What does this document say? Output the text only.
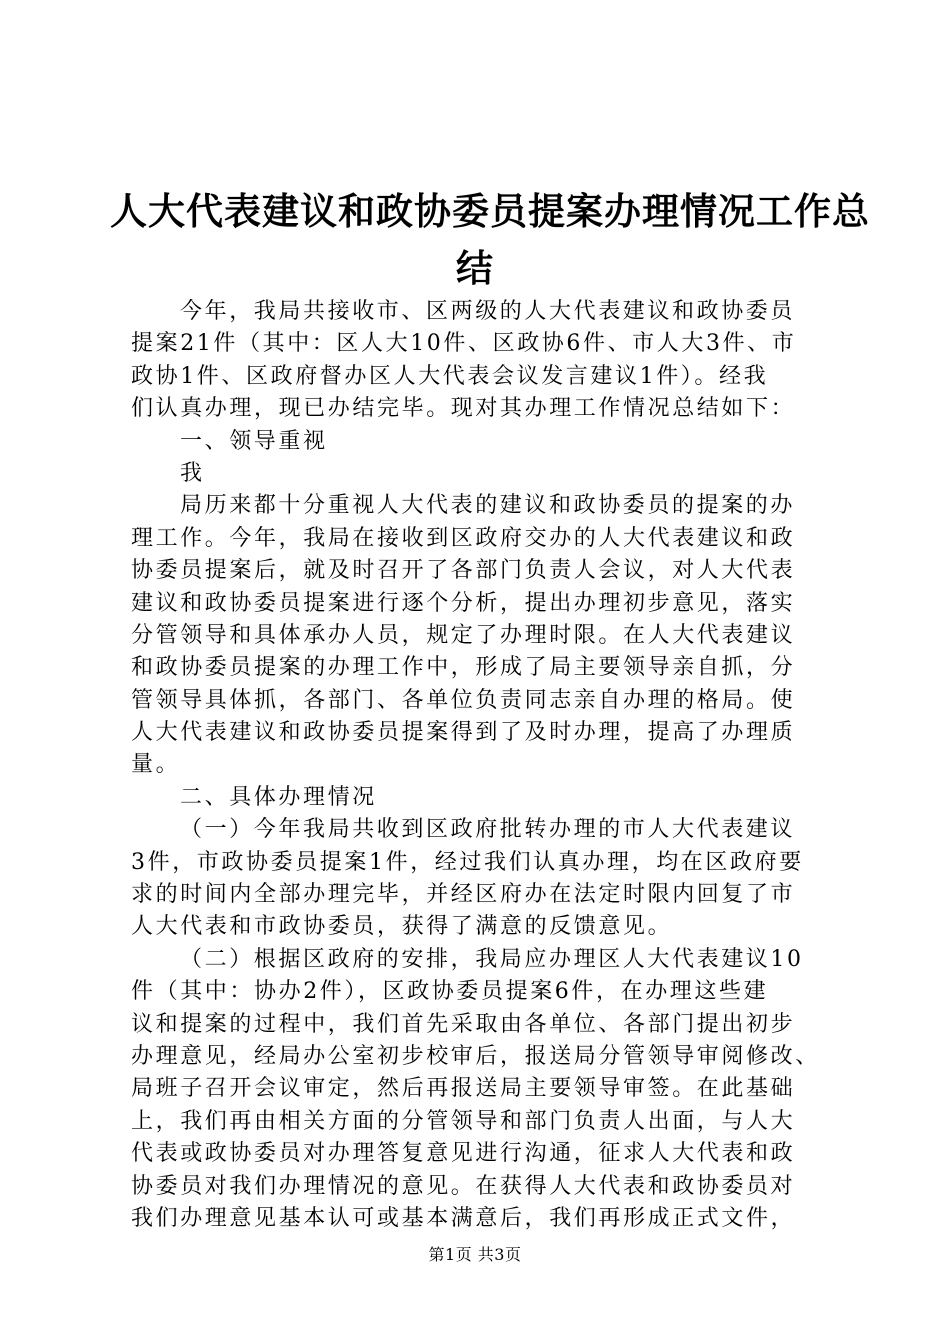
人大代表建议和政协委员提案办理情况工作总
结
今年，我局共接收市、区两级的人大代表建议和政协委员
提案21件（其中：区人大10件、区政协6件、市人大3件、市
政协1件、区政府督办区人大代表会议发言建议1件）。经我
们认真办理，现已办结完毕。现对其办理工作情况总结如下：
一、领导重视
我
局历来都十分重视人大代表的建议和政协委员的提案的办
理工作。今年，我局在接收到区政府交办的人大代表建议和政
协委员提案后，就及时召开了各部门负责人会议，对人大代表
建议和政协委员提案进行逐个分析，提出办理初步意见，落实
分管领导和具体承办人员，规定了办理时限。在人大代表建议
和政协委员提案的办理工作中，形成了局主要领导亲自抓，分
管领导具体抓，各部门、各单位负责同志亲自办理的格局。使
人大代表建议和政协委员提案得到了及时办理，提高了办理质
量。
二、具体办理情况
（一）今年我局共收到区政府批转办理的市人大代表建议
3件，市政协委员提案1件，经过我们认真办理，均在区政府要
求的时间内全部办理完毕，并经区府办在法定时限内回复了市
人大代表和市政协委员，获得了满意的反馈意见。
（二）根据区政府的安排，我局应办理区人大代表建议10
件（其中：协办2件），区政协委员提案6件，在办理这些建
议和提案的过程中，我们首先采取由各单位、各部门提出初步
办理意见，经局办公室初步校审后，报送局分管领导审阅修改、
局班子召开会议审定，然后再报送局主要领导审签。在此基础
上，我们再由相关方面的分管领导和部门负责人出面，与人大
代表或政协委员对办理答复意见进行沟通，征求人大代表和政
协委员对我们办理情况的意见。在获得人大代表和政协委员对
我们办理意见基本认可或基本满意后，我们再形成正式文件，
第1页 共3页
